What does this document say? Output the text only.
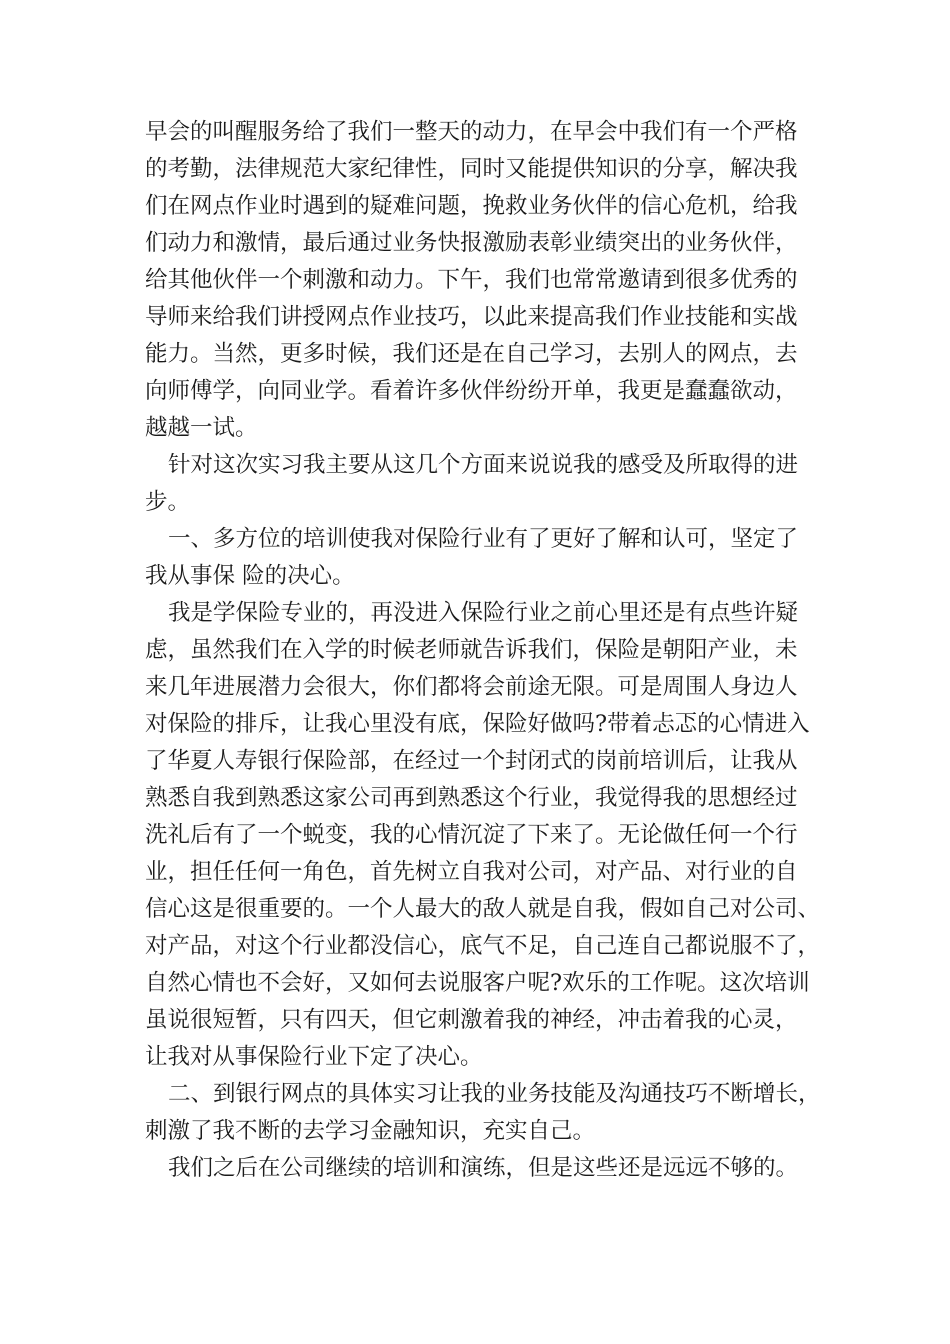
早会的叫醒服务给了我们一整天的动力，在早会中我们有一个严格
的考勤，法律规范大家纪律性，同时又能提供知识的分享，解决我
们在网点作业时遇到的疑难问题，挽救业务伙伴的信心危机，给我
们动力和激情，最后通过业务快报激励表彰业绩突出的业务伙伴，
给其他伙伴一个刺激和动力。下午，我们也常常邀请到很多优秀的
导师来给我们讲授网点作业技巧，以此来提高我们作业技能和实战
能力。当然，更多时候，我们还是在自己学习，去别人的网点，去
向师傅学，向同业学。看着许多伙伴纷纷开单，我更是蠢蠢欲动，
越越一试。
针对这次实习我主要从这几个方面来说说我的感受及所取得的进
步。
一、多方位的培训使我对保险行业有了更好了解和认可，坚定了
我从事保 险的决心。
我是学保险专业的，再没进入保险行业之前心里还是有点些许疑
虑，虽然我们在入学的时候老师就告诉我们，保险是朝阳产业，未
来几年进展潜力会很大，你们都将会前途无限。可是周围人身边人
对保险的排斥，让我心里没有底，保险好做吗?带着忐忑的心情进入
了华夏人寿银行保险部，在经过一个封闭式的岗前培训后，让我从
熟悉自我到熟悉这家公司再到熟悉这个行业，我觉得我的思想经过
洗礼后有了一个蜕变，我的心情沉淀了下来了。无论做任何一个行
业，担任任何一角色，首先树立自我对公司，对产品、对行业的自
信心这是很重要的。一个人最大的敌人就是自我，假如自己对公司、
对产品，对这个行业都没信心，底气不足，自己连自己都说服不了，
自然心情也不会好，又如何去说服客户呢?欢乐的工作呢。这次培训
虽说很短暂，只有四天，但它刺激着我的神经，冲击着我的心灵，
让我对从事保险行业下定了决心。
二、到银行网点的具体实习让我的业务技能及沟通技巧不断增长，
刺激了我不断的去学习金融知识，充实自己。
我们之后在公司继续的培训和演练，但是这些还是远远不够的。
